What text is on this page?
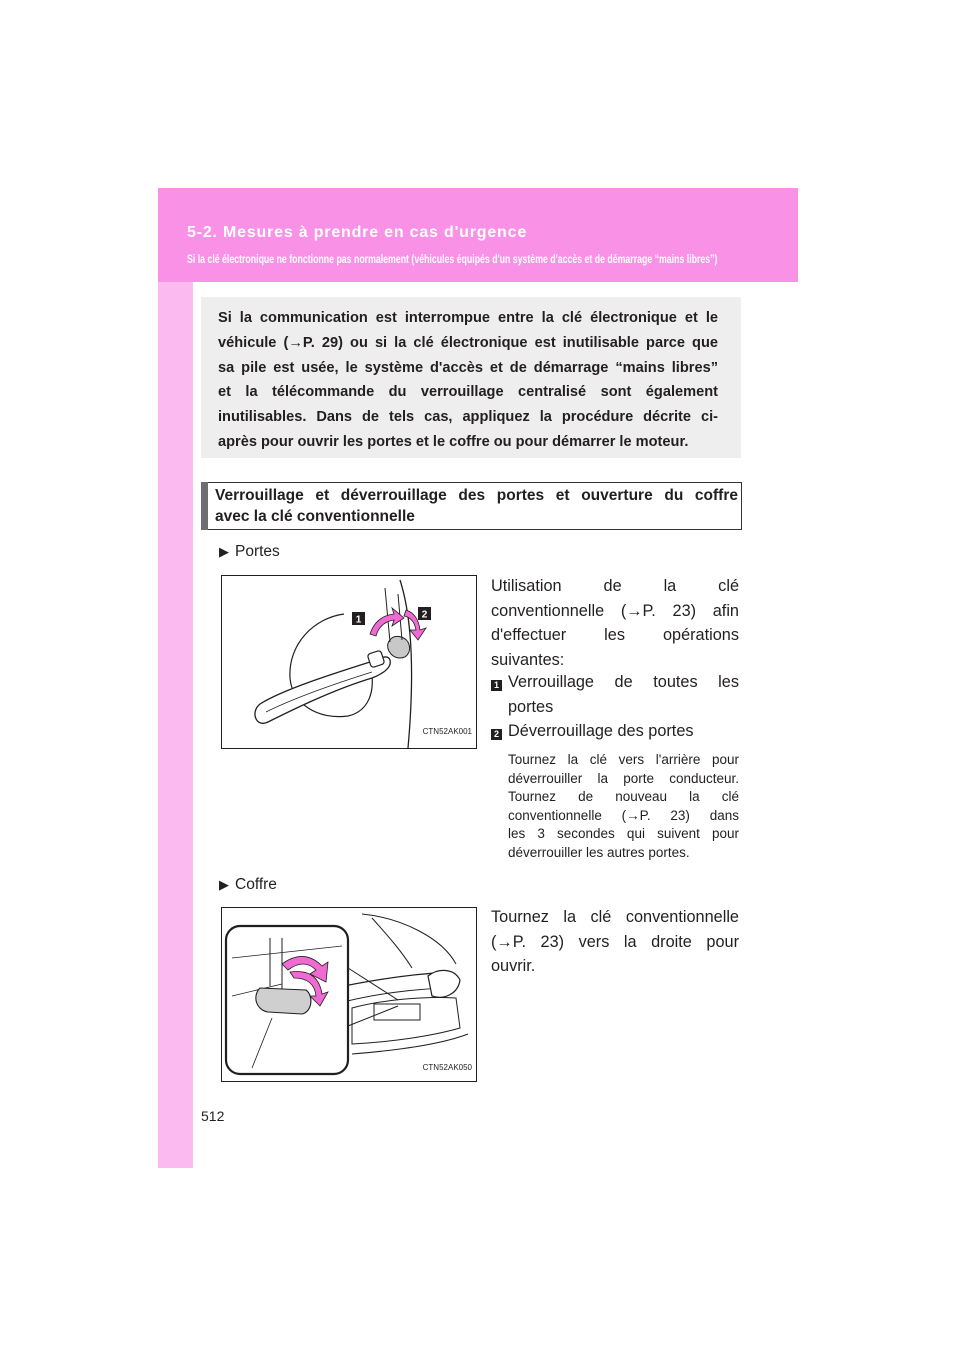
5-2. Mesures à prendre en cas d'urgence
Si la clé électronique ne fonctionne pas normalement (véhicules équipés d'un système d'accès et de démarrage “mains libres”)
Si la communication est interrompue entre la clé électronique et le
véhicule (→P. 29) ou si la clé électronique est inutilisable parce que
sa pile est usée, le système d'accès et de démarrage “mains libres”
et la télécommande du verrouillage centralisé sont également
inutilisables. Dans de tels cas, appliquez la procédure décrite ci-
après pour ouvrir les portes et le coffre ou pour démarrer le moteur.
Verrouillage et déverrouillage des portes et ouverture du coffre
avec la clé conventionnelle
▶ Portes
1	2
CTN52AK001
Utilisation de la clé
conventionnelle (→P. 23) afin
d'effectuer les opérations
suivantes:
1 Verrouillage de toutes les
portes
2 Déverrouillage des portes
Tournez la clé vers l'arrière pour
déverrouiller la porte conducteur.
Tournez de nouveau la clé
conventionnelle (→P. 23) dans
les 3 secondes qui suivent pour
déverrouiller les autres portes.
▶ Coffre
CTN52AK050
Tournez la clé conventionnelle
(→P. 23) vers la droite pour
ouvrir.
512
